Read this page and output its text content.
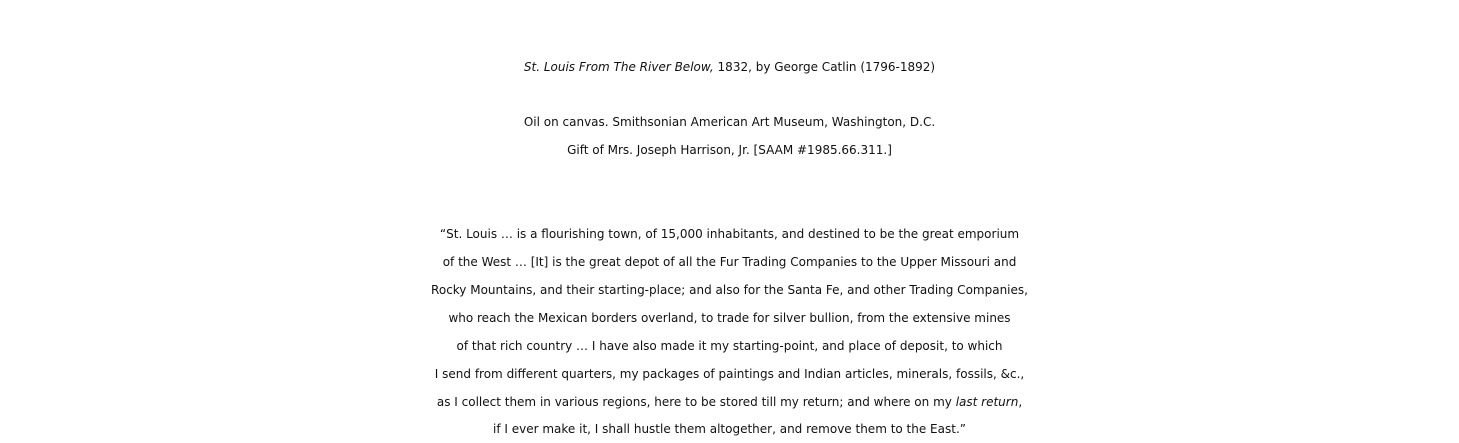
St. Louis From The River Below, 1832, by George Catlin (1796-1892)
Oil on canvas. Smithsonian American Art Museum, Washington, D.C.
Gift of Mrs. Joseph Harrison, Jr. [SAAM #1985.66.311.]
“St. Louis … is a flourishing town, of 15,000 inhabitants, and destined to be the great emporium
of the West … [It] is the great depot of all the Fur Trading Companies to the Upper Missouri and
Rocky Mountains, and their starting-place; and also for the Santa Fe, and other Trading Companies,
who reach the Mexican borders overland, to trade for silver bullion, from the extensive mines
of that rich country … I have also made it my starting-point, and place of deposit, to which
I send from different quarters, my packages of paintings and Indian articles, minerals, fossils, &c.,
as I collect them in various regions, here to be stored till my return; and where on my last return,
if I ever make it, I shall hustle them altogether, and remove them to the East.”
